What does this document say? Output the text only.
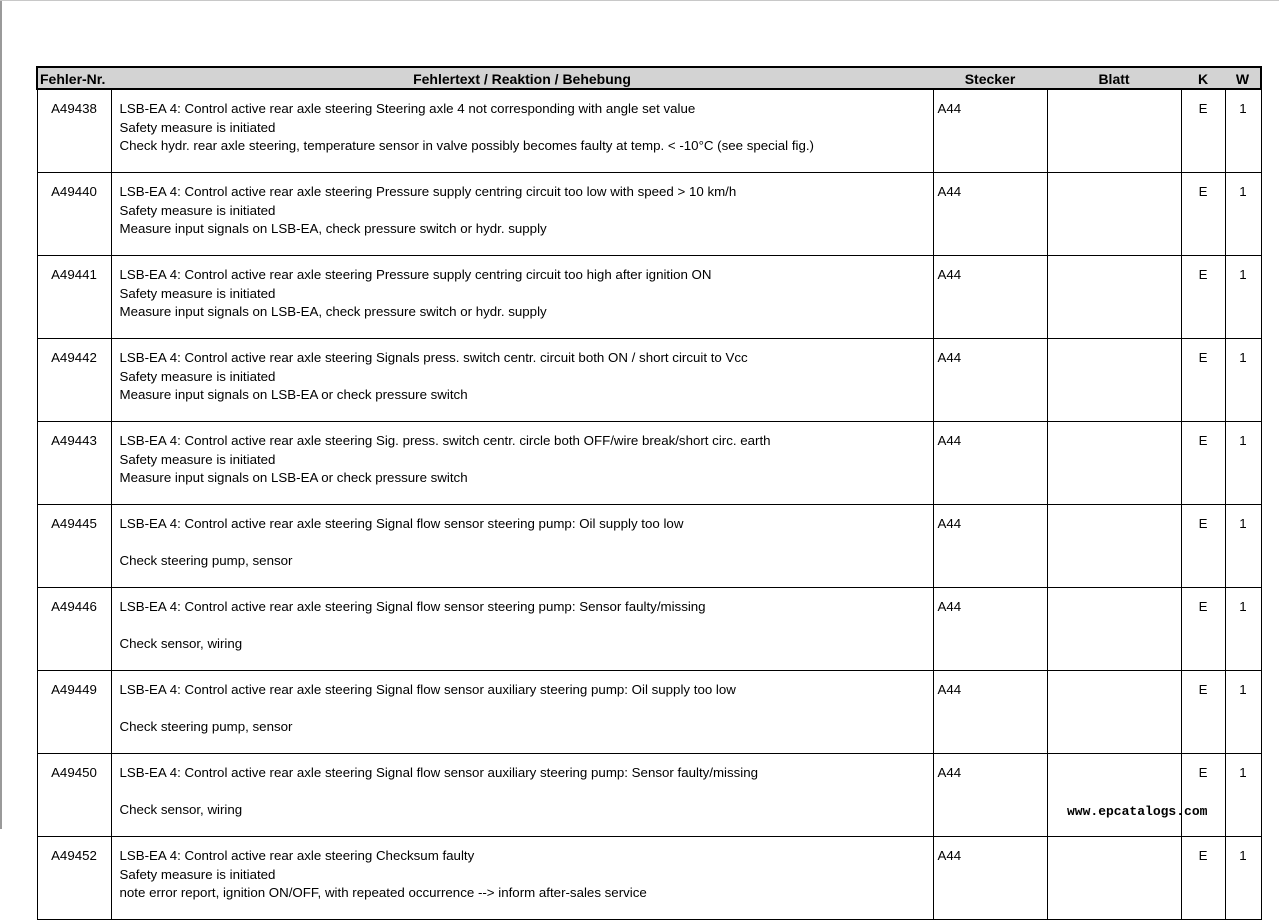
Fehler-Nr.	Fehlertext / Reaktion / Behebung	Stecker	Blatt	K	W
A49438	LSB-EA 4: Control active rear axle steering Steering axle 4 not corresponding with angle set value
Safety measure is initiated
Check hydr. rear axle steering, temperature sensor in valve possibly becomes faulty at temp. < -10°C (see special fig.)	A44		E	1
A49440	LSB-EA 4: Control active rear axle steering Pressure supply centring circuit too low with speed > 10 km/h
Safety measure is initiated
Measure input signals on LSB-EA, check pressure switch or hydr. supply	A44		E	1
A49441	LSB-EA 4: Control active rear axle steering Pressure supply centring circuit too high after ignition ON
Safety measure is initiated
Measure input signals on LSB-EA, check pressure switch or hydr. supply	A44		E	1
A49442	LSB-EA 4: Control active rear axle steering Signals press. switch centr. circuit both ON / short circuit to Vcc
Safety measure is initiated
Measure input signals on LSB-EA or check pressure switch	A44		E	1
A49443	LSB-EA 4: Control active rear axle steering Sig. press. switch centr. circle both OFF/wire break/short circ. earth
Safety measure is initiated
Measure input signals on LSB-EA or check pressure switch	A44		E	1
A49445	LSB-EA 4: Control active rear axle steering Signal flow sensor steering pump: Oil supply too low
Check steering pump, sensor	A44		E	1
A49446	LSB-EA 4: Control active rear axle steering Signal flow sensor steering pump: Sensor faulty/missing
Check sensor, wiring	A44		E	1
A49449	LSB-EA 4: Control active rear axle steering Signal flow sensor auxiliary steering pump: Oil supply too low
Check steering pump, sensor	A44		E	1
A49450	LSB-EA 4: Control active rear axle steering Signal flow sensor auxiliary steering pump: Sensor faulty/missing
Check sensor, wiring	A44		E	1
A49452	LSB-EA 4: Control active rear axle steering Checksum faulty
Safety measure is initiated
note error report, ignition ON/OFF, with repeated occurrence --> inform after-sales service	A44		E	1
www.epcatalogs.com
